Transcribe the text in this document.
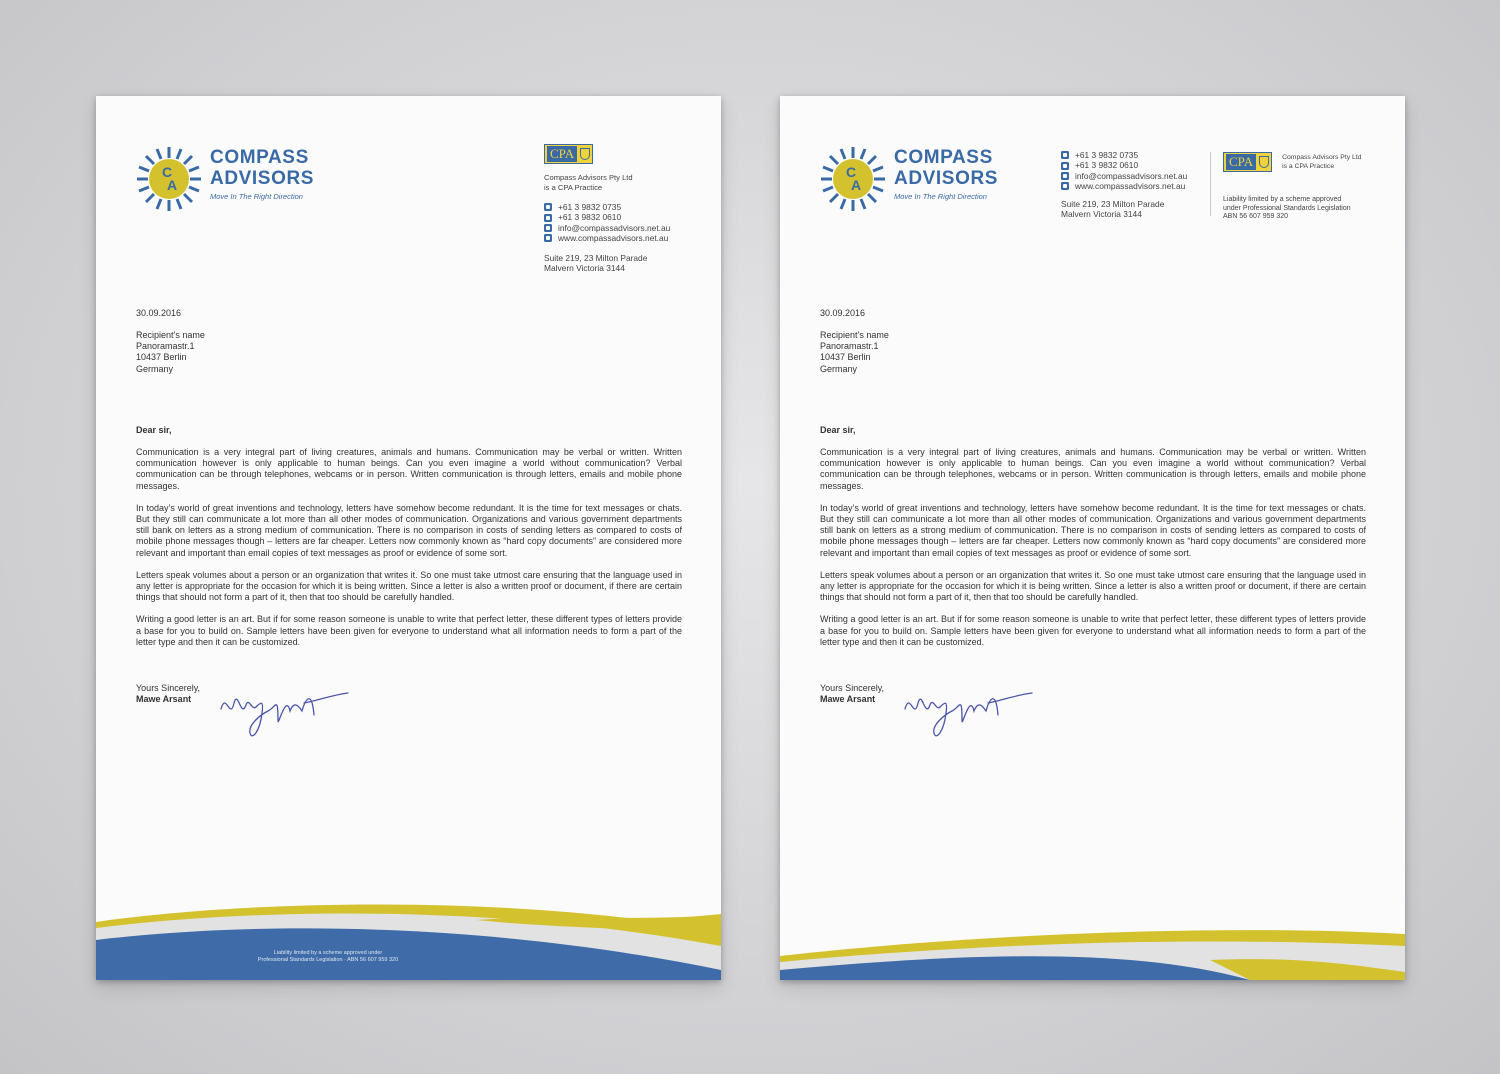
C
A
COMPASS
ADVISORS
Move In The Right Direction
CPA
Compass Advisors Pty Ltd
is a CPA Practice
+61 3 9832 0735
+61 3 9832 0610
info@compassadvisors.net.au
www.compassadvisors.net.au
Suite 219, 23 Milton Parade
Malvern Victoria 3144
30.09.2016
Recipient’s name
Panoramastr.1
10437 Berlin
Germany
Dear sir,

Communication is a very integral part of living creatures, animals and humans. Communication may be verbal or written. Written communication however is only applicable to human beings. Can you even imagine a world without communication? Verbal communication can be through telephones, webcams or in person. Written communication is through letters, emails and mobile phone messages.

In today’s world of great inventions and technology, letters have somehow become redundant. It is the time for text messages or chats. But they still can communicate a lot more than all other modes of communication. Organizations and various government departments still bank on letters as a strong medium of communication. There is no comparison in costs of sending letters as compared to costs of mobile phone messages though – letters are far cheaper. Letters now commonly known as “hard copy documents” are considered more relevant and important than email copies of text messages as proof or evidence of some sort.

Letters speak volumes about a person or an organization that writes it. So one must take utmost care ensuring that the language used in any letter is appropriate for the occasion for which it is being written. Since a letter is also a written proof or document, if there are certain things that should not form a part of it, then that too should be carefully handled.

Writing a good letter is an art. But if for some reason someone is unable to write that perfect letter, these different types of letters provide a base for you to build on. Sample letters have been given for everyone to understand what all information needs to form a part of the letter type and then it can be customized.

Yours Sincerely,
Mawe Arsant
Liability limited by a scheme approved under
Professional Standards Legislation · ABN 56 607 959 320
C
A
COMPASS
ADVISORS
Move In The Right Direction
+61 3 9832 0735
+61 3 9832 0610
info@compassadvisors.net.au
www.compassadvisors.net.au
Suite 219, 23 Milton Parade
Malvern Victoria 3144
CPA	Compass Advisors Pty Ltd
is a CPA Practice
Liability limited by a scheme approved
under Professional Standards Legislation
ABN 56 607 959 320
30.09.2016
Recipient’s name
Panoramastr.1
10437 Berlin
Germany
Dear sir,

Communication is a very integral part of living creatures, animals and humans. Communication may be verbal or written. Written communication however is only applicable to human beings. Can you even imagine a world without communication? Verbal communication can be through telephones, webcams or in person. Written communication is through letters, emails and mobile phone messages.

In today’s world of great inventions and technology, letters have somehow become redundant. It is the time for text messages or chats. But they still can communicate a lot more than all other modes of communication. Organizations and various government departments still bank on letters as a strong medium of communication. There is no comparison in costs of sending letters as compared to costs of mobile phone messages though – letters are far cheaper. Letters now commonly known as “hard copy documents” are considered more relevant and important than email copies of text messages as proof or evidence of some sort.

Letters speak volumes about a person or an organization that writes it. So one must take utmost care ensuring that the language used in any letter is appropriate for the occasion for which it is being written. Since a letter is also a written proof or document, if there are certain things that should not form a part of it, then that too should be carefully handled.

Writing a good letter is an art. But if for some reason someone is unable to write that perfect letter, these different types of letters provide a base for you to build on. Sample letters have been given for everyone to understand what all information needs to form a part of the letter type and then it can be customized.

Yours Sincerely,
Mawe Arsant
